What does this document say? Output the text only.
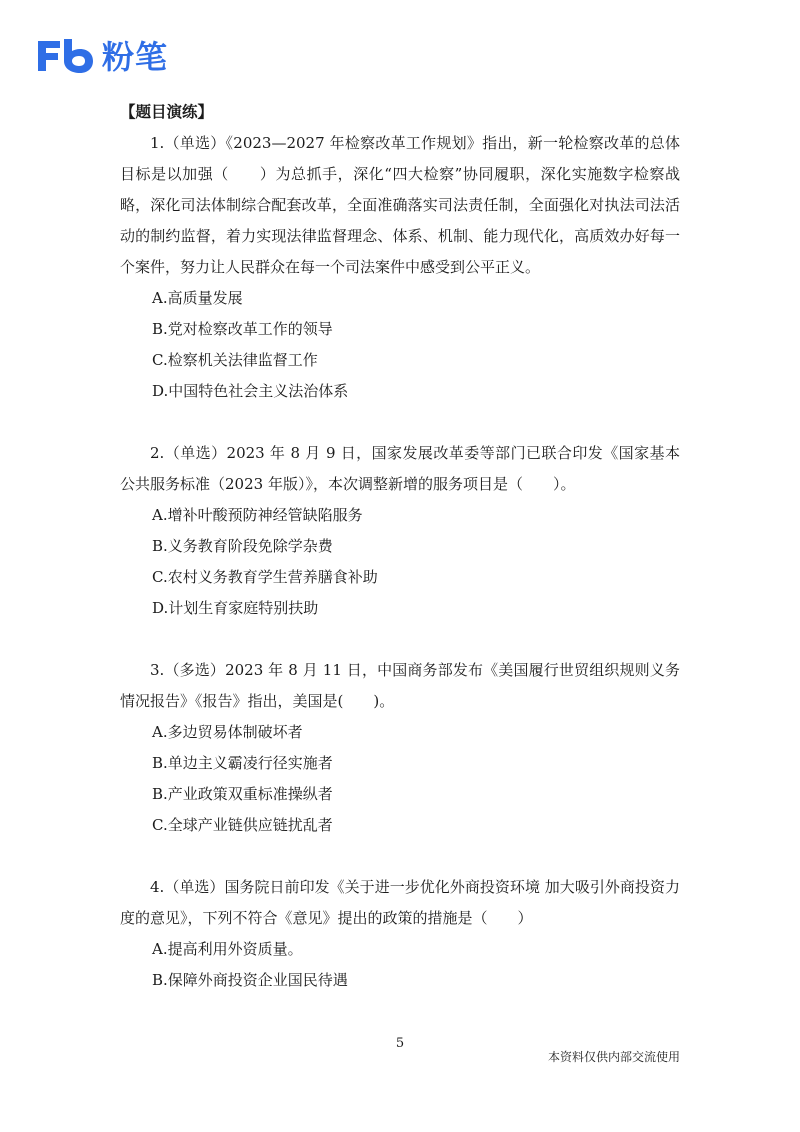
粉笔
【题目演练】

1.（单选）《2023—2027 年检察改革工作规划》指出，新一轮检察改革的总体目标是以加强（　　）为总抓手，深化“四大检察”协同履职，深化实施数字检察战略，深化司法体制综合配套改革，全面准确落实司法责任制，全面强化对执法司法活动的制约监督，着力实现法律监督理念、体系、机制、能力现代化，高质效办好每一个案件，努力让人民群众在每一个司法案件中感受到公平正义。

A.高质量发展

B.党对检察改革工作的领导

C.检察机关法律监督工作

D.中国特色社会主义法治体系

2.（单选）2023 年 8 月 9 日，国家发展改革委等部门已联合印发《国家基本公共服务标准（2023 年版）》，本次调整新增的服务项目是（　　）。

A.增补叶酸预防神经管缺陷服务

B.义务教育阶段免除学杂费

C.农村义务教育学生营养膳食补助

D.计划生育家庭特别扶助

3.（多选）2023 年 8 月 11 日，中国商务部发布《美国履行世贸组织规则义务情况报告》《报告》指出，美国是(　　)。

A.多边贸易体制破坏者

B.单边主义霸凌行径实施者

B.产业政策双重标准操纵者

C.全球产业链供应链扰乱者

4.（单选）国务院日前印发《关于进一步优化外商投资环境 加大吸引外商投资力度的意见》，下列不符合《意见》提出的政策的措施是（　　）

A.提高利用外资质量。

B.保障外商投资企业国民待遇

5
本资料仅供内部交流使用
